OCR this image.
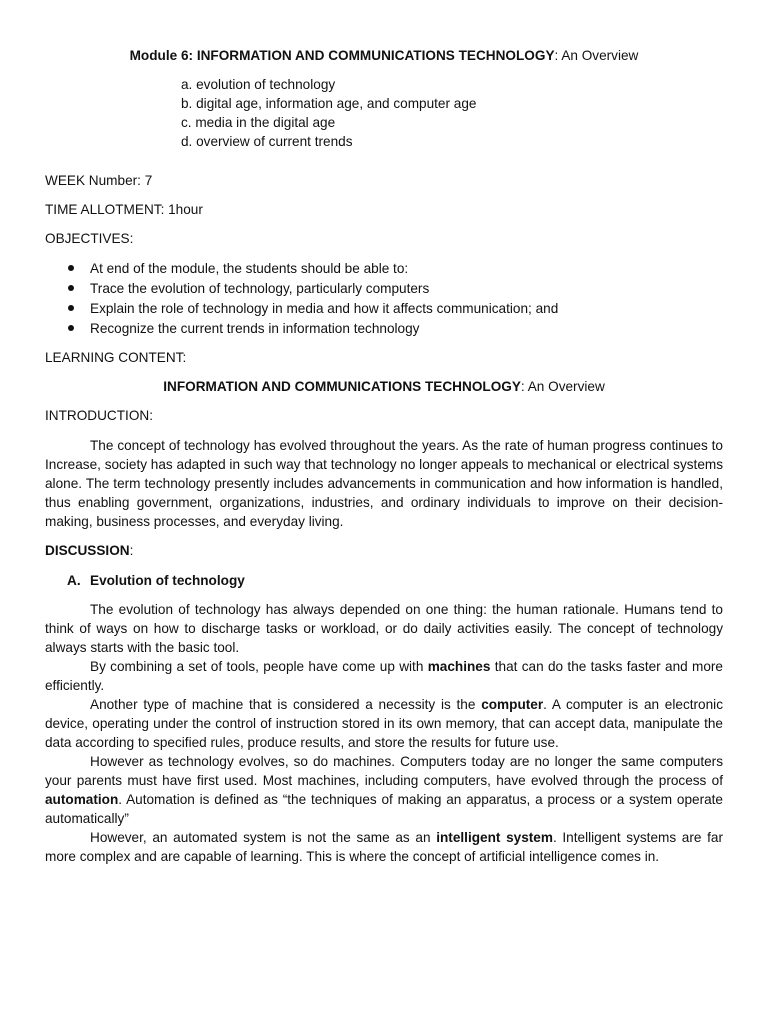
Module 6: INFORMATION AND COMMUNICATIONS TECHNOLOGY: An Overview
a. evolution of technology
b. digital age, information age, and computer age
c. media in the digital age
d. overview of current trends
WEEK Number: 7
TIME ALLOTMENT: 1hour
OBJECTIVES:
At end of the module, the students should be able to:
Trace the evolution of technology, particularly computers
Explain the role of technology in media and how it affects communication; and
Recognize the current trends in information technology
LEARNING CONTENT:
INFORMATION AND COMMUNICATIONS TECHNOLOGY: An Overview
INTRODUCTION:

The concept of technology has evolved throughout the years. As the rate of human progress continues to Increase, society has adapted in such way that technology no longer appeals to mechanical or electrical systems alone. The term technology presently includes advancements in communication and how information is handled, thus enabling government, organizations, industries, and ordinary individuals to improve on their decision-making, business processes, and everyday living.

DISCUSSION:
A. Evolution of technology

The evolution of technology has always depended on one thing: the human rationale. Humans tend to think of ways on how to discharge tasks or workload, or do daily activities easily. The concept of technology always starts with the basic tool.

By combining a set of tools, people have come up with machines that can do the tasks faster and more efficiently.

Another type of machine that is considered a necessity is the computer. A computer is an electronic device, operating under the control of instruction stored in its own memory, that can accept data, manipulate the data according to specified rules, produce results, and store the results for future use.

However as technology evolves, so do machines. Computers today are no longer the same computers your parents must have first used. Most machines, including computers, have evolved through the process of automation. Automation is defined as “the techniques of making an apparatus, a process or a system operate automatically”

However, an automated system is not the same as an intelligent system. Intelligent systems are far more complex and are capable of learning. This is where the concept of artificial intelligence comes in.
